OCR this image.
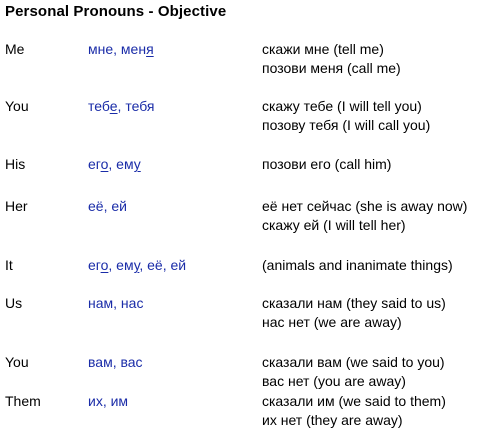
Personal Pronouns - Objective
Me	мне, меня	скажи мне (tell me)
позови меня (call me)
You	тебе, тебя	скажу тебе (I will tell you)
позову тебя (I will call you)
His	его, ему	позови его (call him)
Her	её, ей	её нет сейчас (she is away now)
скажу ей (I will tell her)
It	его, ему, её, ей	(animals and inanimate things)
Us	нам, нас	сказали нам (they said to us)
нас нет (we are away)
You	вам, вас	сказали вам (we said to you)
вас нет (you are away)
Them	их, им	сказали им (we said to them)
их нет (they are away)
